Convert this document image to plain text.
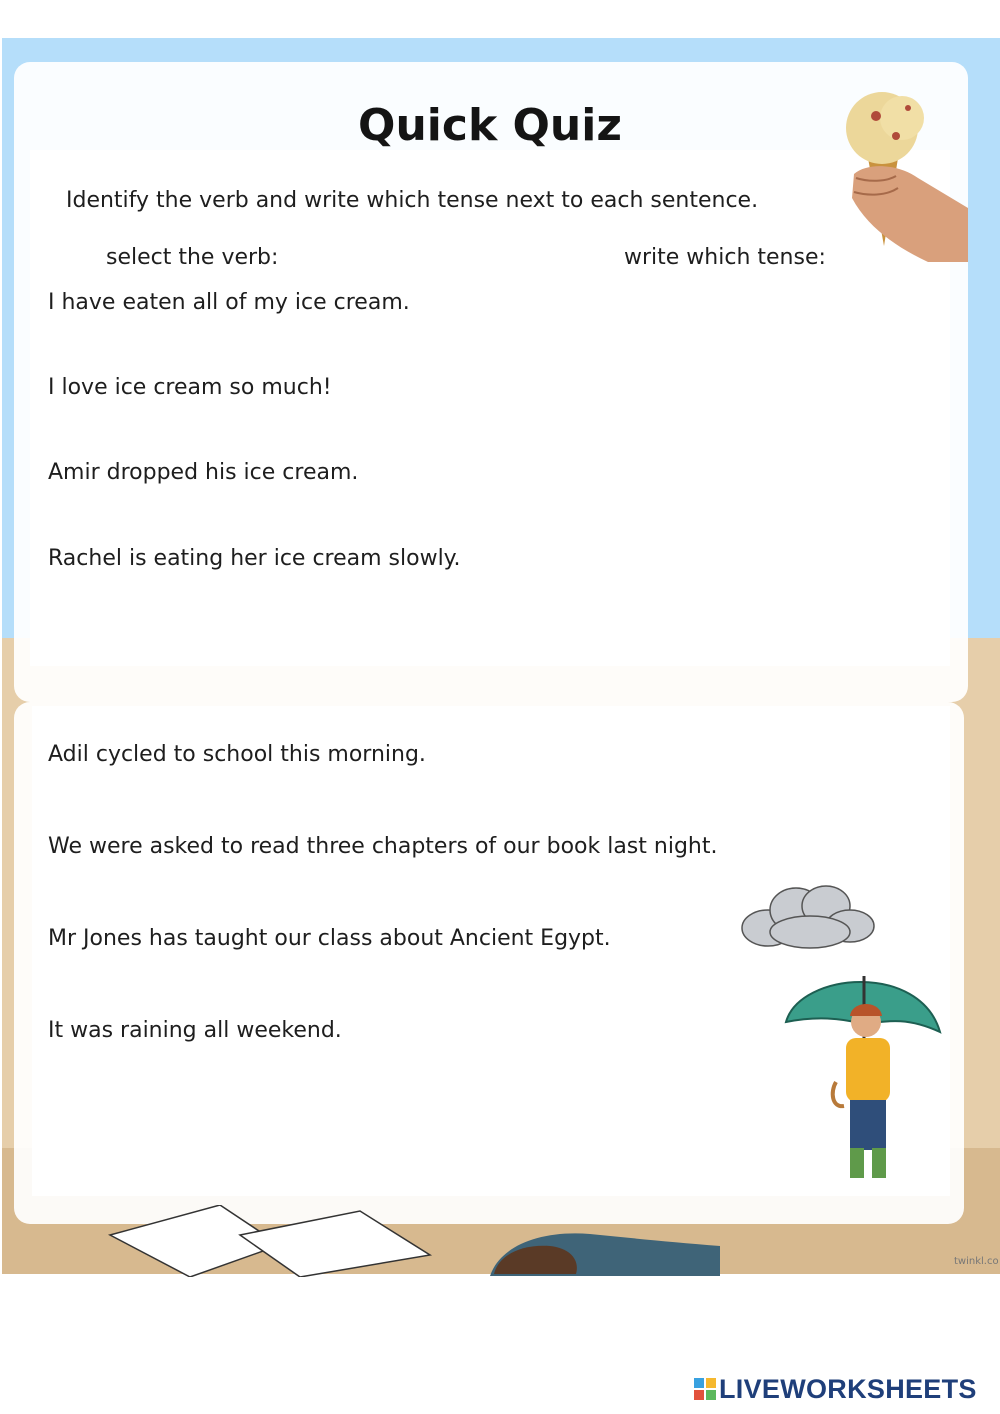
Quick Quiz
Identify the verb and write which tense next to each sentence.
select the verb:	write which tense:
I have eaten all of my ice cream.
I love ice cream so much!
Amir dropped his ice cream.
Rachel is eating her ice cream slowly.
Adil cycled to school this morning.
We were asked to read three chapters of our book last night.
Mr Jones has taught our class about Ancient Egypt.
It was raining all weekend.
twinkl.co
LIVEWORKSHEETS
